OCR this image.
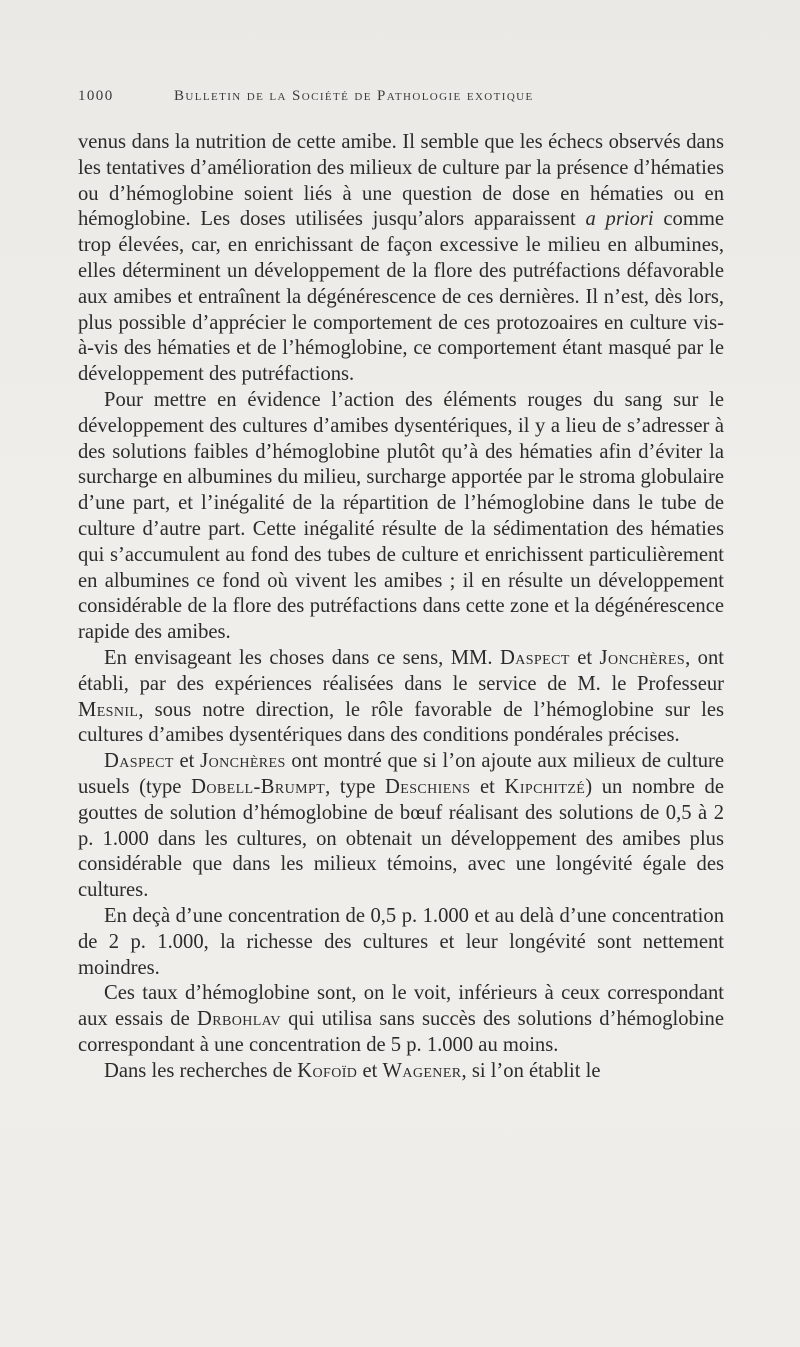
1000	Bulletin de la Société de Pathologie exotique

venus dans la nutrition de cette amibe. Il semble que les échecs observés dans les tentatives d’amélioration des milieux de culture par la présence d’hématies ou d’hémoglobine soient liés à une question de dose en hématies ou en hémoglobine. Les doses utilisées jusqu’alors apparaissent a priori comme trop élevées, car, en enrichissant de façon excessive le milieu en albumines, elles déterminent un développement de la flore des putréfactions défavorable aux amibes et entraînent la dégénérescence de ces dernières. Il n’est, dès lors, plus possible d’apprécier le comportement de ces protozoaires en culture vis-à-vis des hématies et de l’hémoglobine, ce comportement étant masqué par le développement des putréfactions.

Pour mettre en évidence l’action des éléments rouges du sang sur le développement des cultures d’amibes dysentériques, il y a lieu de s’adresser à des solutions faibles d’hémoglobine plutôt qu’à des hématies afin d’éviter la surcharge en albumines du milieu, surcharge apportée par le stroma globulaire d’une part, et l’inégalité de la répartition de l’hémoglobine dans le tube de culture d’autre part. Cette inégalité résulte de la sédimentation des hématies qui s’accumulent au fond des tubes de culture et enrichissent particulièrement en albumines ce fond où vivent les amibes ; il en résulte un développement considérable de la flore des putréfactions dans cette zone et la dégénérescence rapide des amibes.

En envisageant les choses dans ce sens, MM. Daspect et Jonchères, ont établi, par des expériences réalisées dans le service de M. le Professeur Mesnil, sous notre direction, le rôle favorable de l’hémoglobine sur les cultures d’amibes dysentériques dans des conditions pondérales précises.

Daspect et Jonchères ont montré que si l’on ajoute aux milieux de culture usuels (type Dobell-Brumpt, type Deschiens et Kipchitzé) un nombre de gouttes de solution d’hémoglobine de bœuf réalisant des solutions de 0,5 à 2 p. 1.000 dans les cultures, on obtenait un développement des amibes plus considérable que dans les milieux témoins, avec une longévité égale des cultures.

En deçà d’une concentration de 0,5 p. 1.000 et au delà d’une concentration de 2 p. 1.000, la richesse des cultures et leur longévité sont nettement moindres.

Ces taux d’hémoglobine sont, on le voit, inférieurs à ceux correspondant aux essais de Drbohlav qui utilisa sans succès des solutions d’hémoglobine correspondant à une concentration de 5 p. 1.000 au moins.

Dans les recherches de Kofoïd et Wagener, si l’on établit le
